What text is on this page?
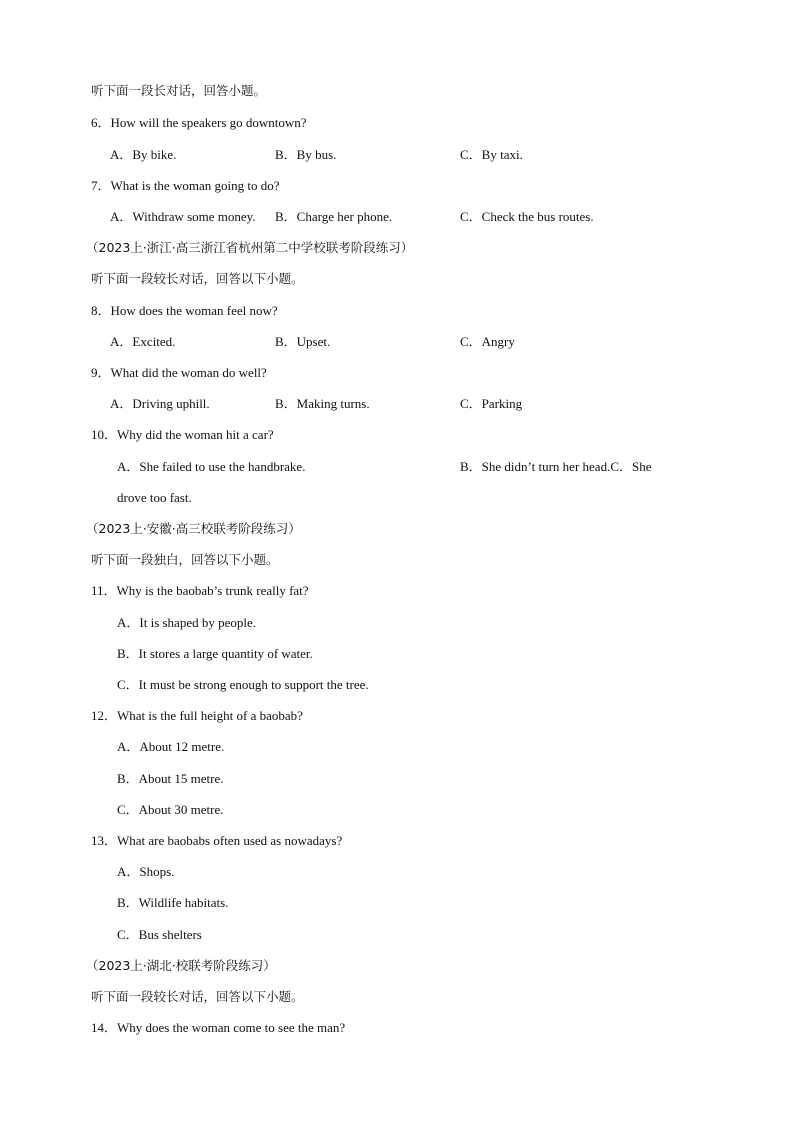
听下面一段长对话，回答小题。
6．How will the speakers go downtown?
A．By bike.	B．By bus.	C．By taxi.
7．What is the woman going to do?
A．Withdraw some money. B．Charge her phone.	C．Check the bus routes.
（2023上·浙江·高三浙江省杭州第二中学校联考阶段练习）
听下面一段较长对话，回答以下小题。
8．How does the woman feel now?
A．Excited.	B．Upset.	C．Angry
9．What did the woman do well?
A．Driving uphill.	B．Making turns.	C．Parking
10．Why did the woman hit a car?
A．She failed to use the handbrake.	B．She didn’t turn her head.C．She
drove too fast.
（2023上·安徽·高三校联考阶段练习）
听下面一段独白，回答以下小题。
11．Why is the baobab’s trunk really fat?
A．It is shaped by people.
B．It stores a large quantity of water.
C．It must be strong enough to support the tree.
12．What is the full height of a baobab?
A．About 12 metre.
B．About 15 metre.
C．About 30 metre.
13．What are baobabs often used as nowadays?
A．Shops.
B．Wildlife habitats.
C．Bus shelters
（2023上·湖北·校联考阶段练习）
听下面一段较长对话，回答以下小题。
14．Why does the woman come to see the man?
